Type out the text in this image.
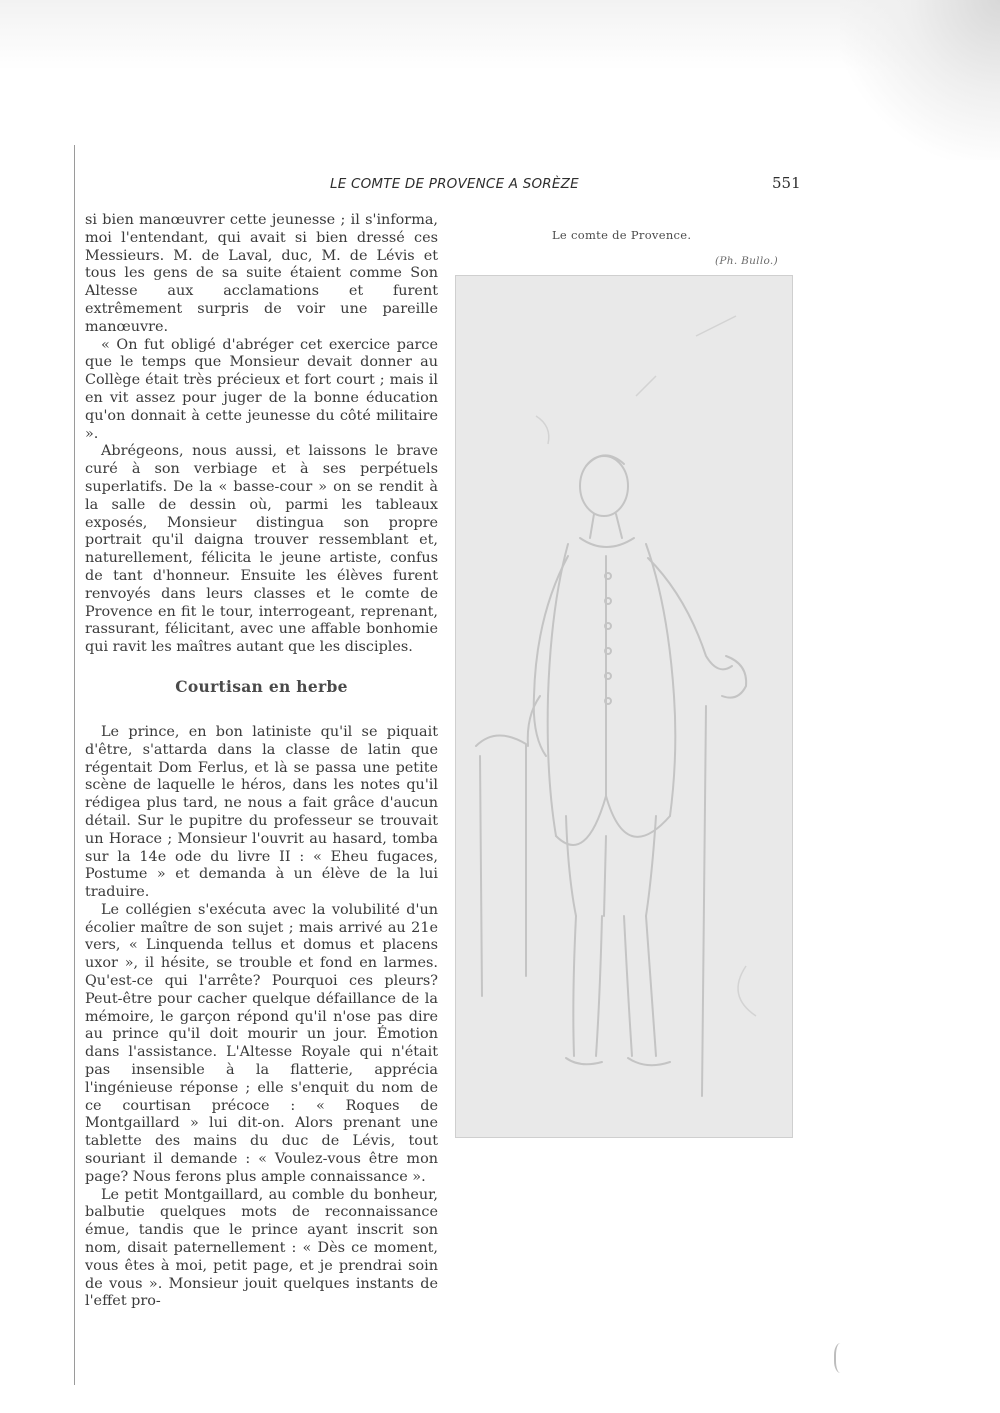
LE COMTE DE PROVENCE A SORÈZE	551

si bien manœuvrer cette jeunesse ; il s'informa, moi l'entendant, qui avait si bien dressé ces Messieurs. M. de Laval, duc, M. de Lévis et tous les gens de sa suite étaient comme Son Altesse aux acclamations et furent extrêmement surpris de voir une pareille manœuvre.

« On fut obligé d'abréger cet exercice parce que le temps que Monsieur devait donner au Collège était très précieux et fort court ; mais il en vit assez pour juger de la bonne éducation qu'on donnait à cette jeunesse du côté militaire ».

Abrégeons, nous aussi, et laissons le brave curé à son verbiage et à ses perpétuels superlatifs. De la « basse-cour » on se rendit à la salle de dessin où, parmi les tableaux exposés, Monsieur distingua son propre portrait qu'il daigna trouver ressemblant et, naturellement, félicita le jeune artiste, confus de tant d'honneur. Ensuite les élèves furent renvoyés dans leurs classes et le comte de Provence en fit le tour, interrogeant, reprenant, rassurant, félicitant, avec une affable bonhomie qui ravit les maîtres autant que les disciples.

Courtisan en herbe

Le prince, en bon latiniste qu'il se piquait d'être, s'attarda dans la classe de latin que régentait Dom Ferlus, et là se passa une petite scène de laquelle le héros, dans les notes qu'il rédigea plus tard, ne nous a fait grâce d'aucun détail. Sur le pupitre du professeur se trouvait un Horace ; Monsieur l'ouvrit au hasard, tomba sur la 14e ode du livre II : « Eheu fugaces, Postume » et demanda à un élève de la lui traduire.

Le collégien s'exécuta avec la volubilité d'un écolier maître de son sujet ; mais arrivé au 21e vers, « Linquenda tellus et domus et placens uxor », il hésite, se trouble et fond en larmes. Qu'est-ce qui l'arrête? Pourquoi ces pleurs? Peut-être pour cacher quelque défaillance de la mémoire, le garçon répond qu'il n'ose pas dire au prince qu'il doit mourir un jour. Émotion dans l'assistance. L'Altesse Royale qui n'était pas insensible à la flatterie, apprécia l'ingénieuse réponse ; elle s'enquit du nom de ce courtisan précoce : « Roques de Montgaillard » lui dit-on. Alors prenant une tablette des mains du duc de Lévis, tout souriant il demande : « Voulez-vous être mon page? Nous ferons plus ample connaissance ».

Le petit Montgaillard, au comble du bonheur, balbutie quelques mots de reconnaissance émue, tandis que le prince ayant inscrit son nom, disait paternellement : « Dès ce moment, vous êtes à moi, petit page, et je prendrai soin de vous ». Monsieur jouit quelques instants de l'effet pro-

Le comte de Provence.
(Ph. Bullo.)
